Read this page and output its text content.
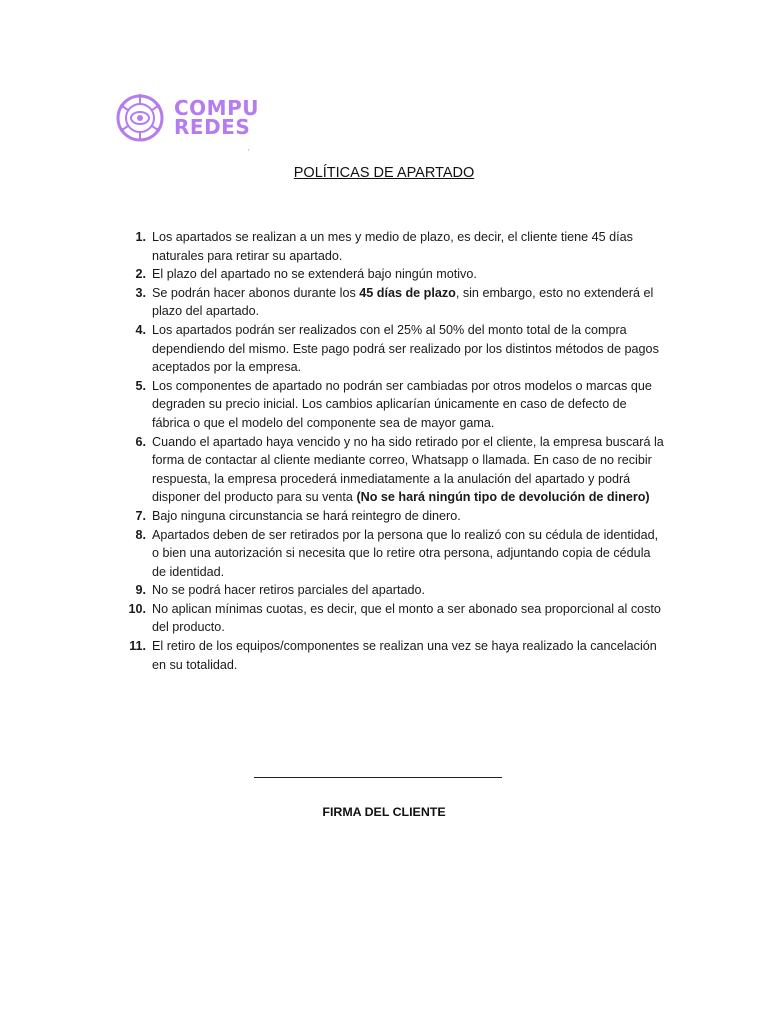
COMPU
REDES
,
POLÍTICAS DE APARTADO
1. Los apartados se realizan a un mes y medio de plazo, es decir, el cliente tiene 45 días naturales para retirar su apartado.
2. El plazo del apartado no se extenderá bajo ningún motivo.
3. Se podrán hacer abonos durante los 45 días de plazo, sin embargo, esto no extenderá el plazo del apartado.
4. Los apartados podrán ser realizados con el 25% al 50% del monto total de la compra dependiendo del mismo. Este pago podrá ser realizado por los distintos métodos de pagos aceptados por la empresa.
5. Los componentes de apartado no podrán ser cambiadas por otros modelos o marcas que degraden su precio inicial. Los cambios aplicarían únicamente en caso de defecto de fábrica o que el modelo del componente sea de mayor gama.
6. Cuando el apartado haya vencido y no ha sido retirado por el cliente, la empresa buscará la forma de contactar al cliente mediante correo, Whatsapp o llamada. En caso de no recibir respuesta, la empresa procederá inmediatamente a la anulación del apartado y podrá disponer del producto para su venta (No se hará ningún tipo de devolución de dinero)
7. Bajo ninguna circunstancia se hará reintegro de dinero.
8. Apartados deben de ser retirados por la persona que lo realizó con su cédula de identidad, o bien una autorización si necesita que lo retire otra persona, adjuntando copia de cédula de identidad.
9. No se podrá hacer retiros parciales del apartado.
10. No aplican mínimas cuotas, es decir, que el monto a ser abonado sea proporcional al costo del producto.
11. El retiro de los equipos/componentes se realizan una vez se haya realizado la cancelación en su totalidad.
FIRMA DEL CLIENTE
